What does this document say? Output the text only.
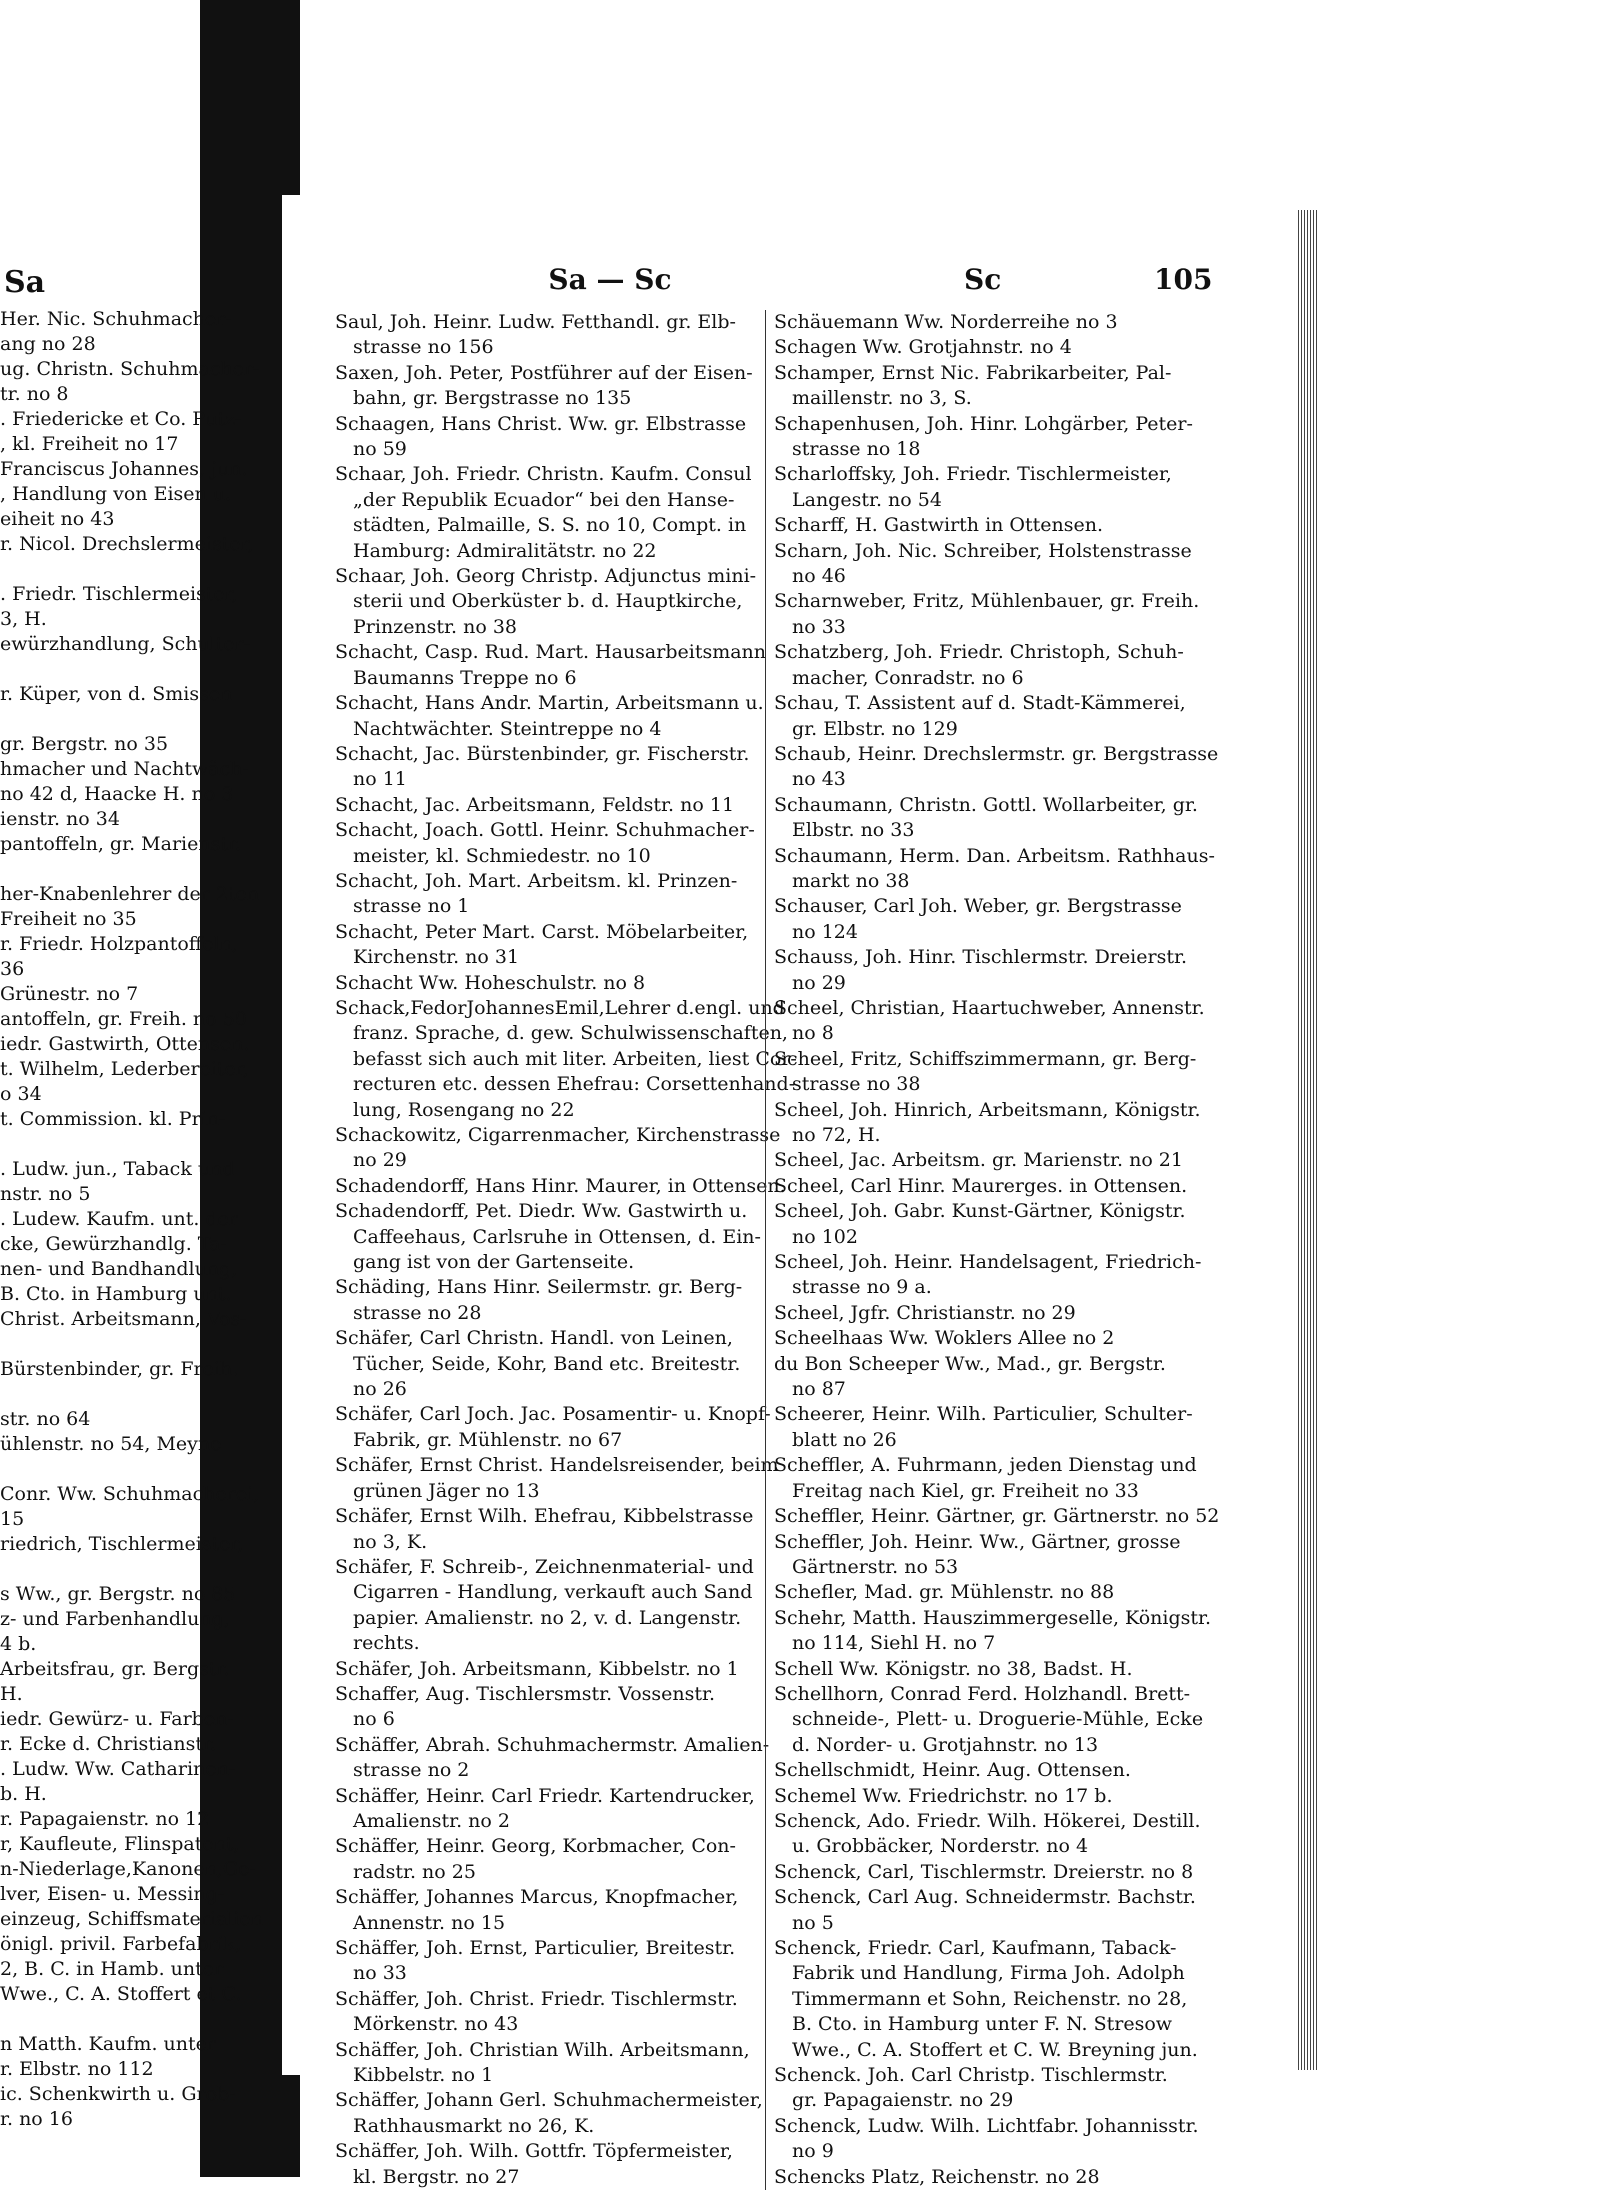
Sa
Her. Nic. Schuhmacher-
ang no 28
ug. Christn. Schuhmacher-
tr. no 8
. Friedericke et Co. Putz-
, kl. Freiheit no 17
Franciscus Johannes, jun.
, Handlung von Eisen u.
eiheit no 43
r. Nicol. Drechslermeister,

. Friedr. Tischlermeister,
3, H.
ewürzhandlung, Schulter-

r. Küper, von d. Smissen

gr. Bergstr. no 35
hmacher und Nachtwäch-
no 42 d, Haacke H. no 3
ienstr. no 34
pantoffeln, gr. Marienstr.

her-Knabenlehrer der 2ten
Freiheit no 35
r. Friedr. Holzpantoffeln,
36
Grünestr. no 7
antoffeln, gr. Freih. no 50
iedr. Gastwirth, Ottensen.
t. Wilhelm, Lederbereiter,
o 34
t. Commission. kl. Prin-

. Ludw. jun., Taback und
nstr. no 5
. Ludew. Kaufm. unt. der
cke, Gewürzhandlg. Ta-
nen- und Bandhandlung,
B. Cto. in Hamburg unt.
Christ. Arbeitsmann, Vos-

Bürstenbinder, gr. Freih.

str. no 64
ühlenstr. no 54, Meyne

Conr. Ww. Schuhmacherei,
15
riedrich, Tischlermeister,

s Ww., gr. Bergstr. no 85
z- und Farbenhandlung,
4 b.
Arbeitsfrau, gr. Bergstr.
H.
iedr. Gewürz- u. Farben-
r. Ecke d. Christianstr.
. Ludw. Ww. Catharinen-
b. H.
r. Papagaienstr. no 12
r, Kaufleute, Flinspatent,
n-Niederlage,Kanonen,Ge-
lver, Eisen- u. Messing-
einzeug, Schiffsmaterialien
önigl. privil. Farbefabrik,
2, B. C. in Hamb. unter
Wwe., C. A. Stoffert et C.

n Matth. Kaufm. unter
r. Elbstr. no 112
ic. Schenkwirth u. Grob-
r. no 16
Sa — Sc	Sc	105
Saul, Joh. Heinr. Ludw. Fetthandl. gr. Elb-
strasse no 156
Saxen, Joh. Peter, Postführer auf der Eisen-
bahn, gr. Bergstrasse no 135
Schaagen, Hans Christ. Ww. gr. Elbstrasse
no 59
Schaar, Joh. Friedr. Christn. Kaufm. Consul
„der Republik Ecuador“ bei den Hanse-
städten, Palmaille, S. S. no 10, Compt. in
Hamburg: Admiralitätstr. no 22
Schaar, Joh. Georg Christp. Adjunctus mini-
sterii und Oberküster b. d. Hauptkirche,
Prinzenstr. no 38
Schacht, Casp. Rud. Mart. Hausarbeitsmann
Baumanns Treppe no 6
Schacht, Hans Andr. Martin, Arbeitsmann u.
Nachtwächter. Steintreppe no 4
Schacht, Jac. Bürstenbinder, gr. Fischerstr.
no 11
Schacht, Jac. Arbeitsmann, Feldstr. no 11
Schacht, Joach. Gottl. Heinr. Schuhmacher-
meister, kl. Schmiedestr. no 10
Schacht, Joh. Mart. Arbeitsm. kl. Prinzen-
strasse no 1
Schacht, Peter Mart. Carst. Möbelarbeiter,
Kirchenstr. no 31
Schacht Ww. Hoheschulstr. no 8
Schack,FedorJohannesEmil,Lehrer d.engl. und
franz. Sprache, d. gew. Schulwissenschaften,
befasst sich auch mit liter. Arbeiten, liest Cor-
recturen etc. dessen Ehefrau: Corsettenhand-
lung, Rosengang no 22
Schackowitz, Cigarrenmacher, Kirchenstrasse
no 29
Schadendorff, Hans Hinr. Maurer, in Ottensen.
Schadendorff, Pet. Diedr. Ww. Gastwirth u.
Caffeehaus, Carlsruhe in Ottensen, d. Ein-
gang ist von der Gartenseite.
Schäding, Hans Hinr. Seilermstr. gr. Berg-
strasse no 28
Schäfer, Carl Christn. Handl. von Leinen,
Tücher, Seide, Kohr, Band etc. Breitestr.
no 26
Schäfer, Carl Joch. Jac. Posamentir- u. Knopf-
Fabrik, gr. Mühlenstr. no 67
Schäfer, Ernst Christ. Handelsreisender, beim
grünen Jäger no 13
Schäfer, Ernst Wilh. Ehefrau, Kibbelstrasse
no 3, K.
Schäfer, F. Schreib-, Zeichnenmaterial- und
Cigarren - Handlung, verkauft auch Sand
papier. Amalienstr. no 2, v. d. Langenstr.
rechts.
Schäfer, Joh. Arbeitsmann, Kibbelstr. no 1
Schaffer, Aug. Tischlersmstr. Vossenstr.
no 6
Schäffer, Abrah. Schuhmachermstr. Amalien-
strasse no 2
Schäffer, Heinr. Carl Friedr. Kartendrucker,
Amalienstr. no 2
Schäffer, Heinr. Georg, Korbmacher, Con-
radstr. no 25
Schäffer, Johannes Marcus, Knopfmacher,
Annenstr. no 15
Schäffer, Joh. Ernst, Particulier, Breitestr.
no 33
Schäffer, Joh. Christ. Friedr. Tischlermstr.
Mörkenstr. no 43
Schäffer, Joh. Christian Wilh. Arbeitsmann,
Kibbelstr. no 1
Schäffer, Johann Gerl. Schuhmachermeister,
Rathhausmarkt no 26, K.
Schäffer, Joh. Wilh. Gottfr. Töpfermeister,
kl. Bergstr. no 27
Schäuemann Ww. Norderreihe no 3
Schagen Ww. Grotjahnstr. no 4
Schamper, Ernst Nic. Fabrikarbeiter, Pal-
maillenstr. no 3, S.
Schapenhusen, Joh. Hinr. Lohgärber, Peter-
strasse no 18
Scharloffsky, Joh. Friedr. Tischlermeister,
Langestr. no 54
Scharff, H. Gastwirth in Ottensen.
Scharn, Joh. Nic. Schreiber, Holstenstrasse
no 46
Scharnweber, Fritz, Mühlenbauer, gr. Freih.
no 33
Schatzberg, Joh. Friedr. Christoph, Schuh-
macher, Conradstr. no 6
Schau, T. Assistent auf d. Stadt-Kämmerei,
gr. Elbstr. no 129
Schaub, Heinr. Drechslermstr. gr. Bergstrasse
no 43
Schaumann, Christn. Gottl. Wollarbeiter, gr.
Elbstr. no 33
Schaumann, Herm. Dan. Arbeitsm. Rathhaus-
markt no 38
Schauser, Carl Joh. Weber, gr. Bergstrasse
no 124
Schauss, Joh. Hinr. Tischlermstr. Dreierstr.
no 29
Scheel, Christian, Haartuchweber, Annenstr.
no 8
Scheel, Fritz, Schiffszimmermann, gr. Berg-
strasse no 38
Scheel, Joh. Hinrich, Arbeitsmann, Königstr.
no 72, H.
Scheel, Jac. Arbeitsm. gr. Marienstr. no 21
Scheel, Carl Hinr. Maurerges. in Ottensen.
Scheel, Joh. Gabr. Kunst-Gärtner, Königstr.
no 102
Scheel, Joh. Heinr. Handelsagent, Friedrich-
strasse no 9 a.
Scheel, Jgfr. Christianstr. no 29
Scheelhaas Ww. Woklers Allee no 2
du Bon Scheeper Ww., Mad., gr. Bergstr.
no 87
Scheerer, Heinr. Wilh. Particulier, Schulter-
blatt no 26
Scheffler, A. Fuhrmann, jeden Dienstag und
Freitag nach Kiel, gr. Freiheit no 33
Scheffler, Heinr. Gärtner, gr. Gärtnerstr. no 52
Scheffler, Joh. Heinr. Ww., Gärtner, grosse
Gärtnerstr. no 53
Schefler, Mad. gr. Mühlenstr. no 88
Schehr, Matth. Hauszimmergeselle, Königstr.
no 114, Siehl H. no 7
Schell Ww. Königstr. no 38, Badst. H.
Schellhorn, Conrad Ferd. Holzhandl. Brett-
schneide-, Plett- u. Droguerie-Mühle, Ecke
d. Norder- u. Grotjahnstr. no 13
Schellschmidt, Heinr. Aug. Ottensen.
Schemel Ww. Friedrichstr. no 17 b.
Schenck, Ado. Friedr. Wilh. Hökerei, Destill.
u. Grobbäcker, Norderstr. no 4
Schenck, Carl, Tischlermstr. Dreierstr. no 8
Schenck, Carl Aug. Schneidermstr. Bachstr.
no 5
Schenck, Friedr. Carl, Kaufmann, Taback-
Fabrik und Handlung, Firma Joh. Adolph
Timmermann et Sohn, Reichenstr. no 28,
B. Cto. in Hamburg unter F. N. Stresow
Wwe., C. A. Stoffert et C. W. Breyning jun.
Schenck. Joh. Carl Christp. Tischlermstr.
gr. Papagaienstr. no 29
Schenck, Ludw. Wilh. Lichtfabr. Johannisstr.
no 9
Schencks Platz, Reichenstr. no 28
